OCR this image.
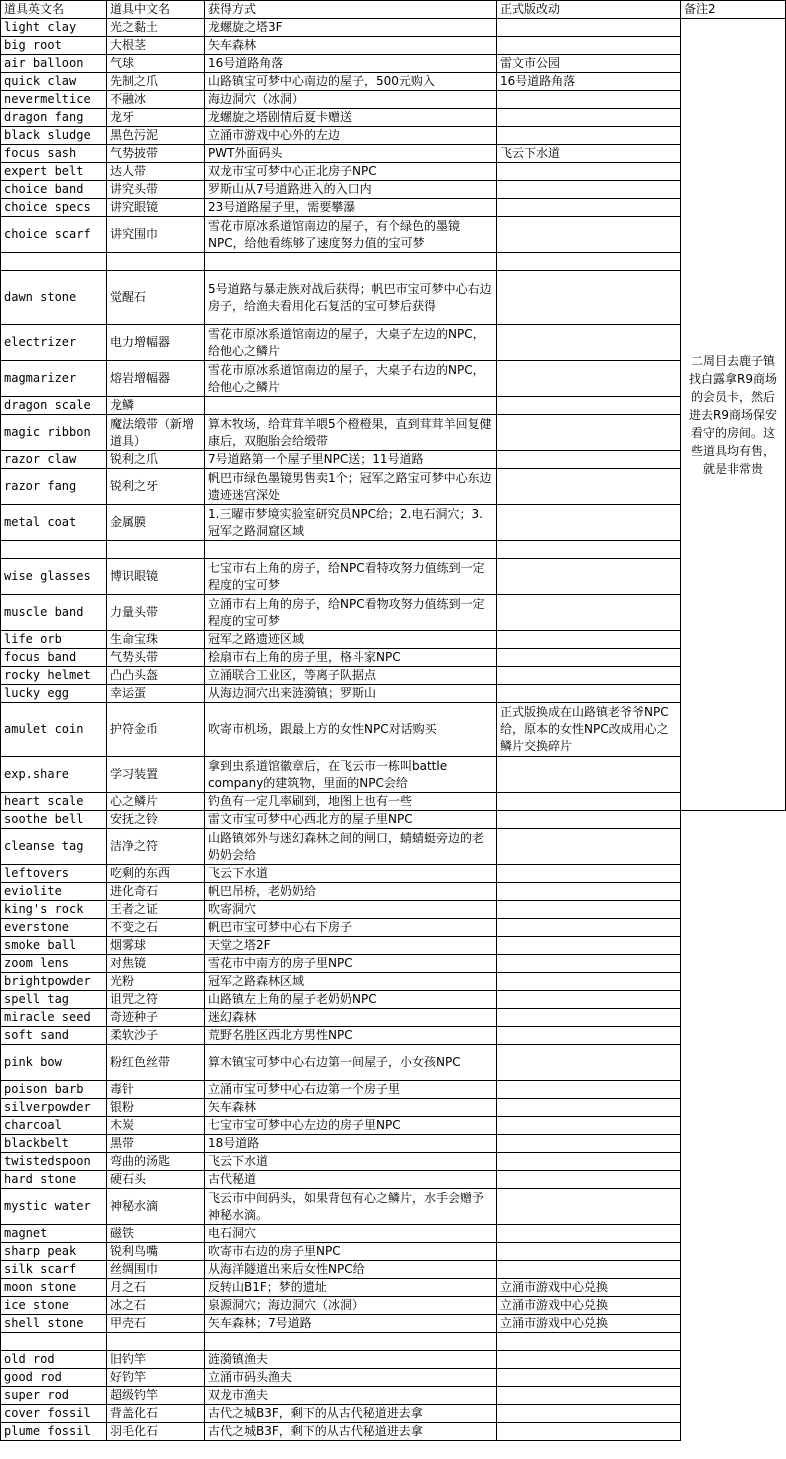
道具英文名	道具中文名	获得方式	正式版改动	备注2
light clay	光之黏土	龙螺旋之塔3F		二周目去鹿子镇找白露拿R9商场的会员卡，然后进去R9商场保安看守的房间。这些道具均有售，就是非常贵
big root	大根茎	矢车森林		
air balloon	气球	16号道路角落	雷文市公园	
quick claw	先制之爪	山路镇宝可梦中心南边的屋子，500元购入	16号道路角落	
nevermeltice	不融冰	海边洞穴（冰洞）		
dragon fang	龙牙	龙螺旋之塔剧情后夏卡赠送		
black sludge	黑色污泥	立涌市游戏中心外的左边		
focus sash	气势披带	PWT外面码头	飞云下水道	
expert belt	达人带	双龙市宝可梦中心正北房子NPC		
choice band	讲究头带	罗斯山从7号道路进入的入口内		
choice specs	讲究眼镜	23号道路屋子里，需要攀瀑		
choice scarf	讲究围巾	雪花市原冰系道馆南边的屋子，有个绿色的墨镜NPC，给他看练够了速度努力值的宝可梦		

dawn stone	觉醒石	5号道路与暴走族对战后获得；帆巴市宝可梦中心右边房子，给渔夫看用化石复活的宝可梦后获得		
electrizer	电力增幅器	雪花市原冰系道馆南边的屋子，大桌子左边的NPC，给他心之鳞片		
magmarizer	熔岩增幅器	雪花市原冰系道馆南边的屋子，大桌子右边的NPC，给他心之鳞片		
dragon scale	龙鳞			
magic ribbon	魔法缎带（新增道具）	算木牧场，给茸茸羊喂5个橙橙果，直到茸茸羊回复健康后，双胞胎会给缎带		
razor claw	锐利之爪	7号道路第一个屋子里NPC送；11号道路		
razor fang	锐利之牙	帆巴市绿色墨镜男售卖1个；冠军之路宝可梦中心东边遗迹迷宫深处		
metal coat	金属膜	1.三曜市梦境实验室研究员NPC给；2.电石洞穴；3.冠军之路洞窟区域		

wise glasses	博识眼镜	七宝市右上角的房子，给NPC看特攻努力值练到一定程度的宝可梦		
muscle band	力量头带	立涌市右上角的房子，给NPC看物攻努力值练到一定程度的宝可梦		
life orb	生命宝珠	冠军之路遗迹区域		
focus band	气势头带	桧扇市右上角的房子里，格斗家NPC		
rocky helmet	凸凸头盔	立涌联合工业区，等离子队据点		
lucky egg	幸运蛋	从海边洞穴出来涟漪镇；罗斯山		
amulet coin	护符金币	吹寄市机场，跟最上方的女性NPC对话购买	正式版换成在山路镇老爷爷NPC给，原本的女性NPC改成用心之鳞片交换碎片	
exp.share	学习装置	拿到虫系道馆徽章后，在飞云市一栋叫battle company的建筑物，里面的NPC会给		
heart scale	心之鳞片	钓鱼有一定几率刷到，地图上也有一些		
soothe bell	安抚之铃	雷文市宝可梦中心西北方的屋子里NPC		
cleanse tag	洁净之符	山路镇郊外与迷幻森林之间的闸口，蜻蜻蜓旁边的老奶奶会给		
leftovers	吃剩的东西	飞云下水道		
eviolite	进化奇石	帆巴吊桥，老奶奶给		
king's rock	王者之证	吹寄洞穴		
everstone	不变之石	帆巴市宝可梦中心右下房子		
smoke ball	烟雾球	天堂之塔2F		
zoom lens	对焦镜	雪花市中南方的房子里NPC		
brightpowder	光粉	冠军之路森林区域		
spell tag	诅咒之符	山路镇左上角的屋子老奶奶NPC		
miracle seed	奇迹种子	迷幻森林		
soft sand	柔软沙子	荒野名胜区西北方男性NPC		
pink bow	粉红色丝带	算木镇宝可梦中心右边第一间屋子，小女孩NPC		
poison barb	毒针	立涌市宝可梦中心右边第一个房子里		
silverpowder	银粉	矢车森林		
charcoal	木炭	七宝市宝可梦中心左边的房子里NPC		
blackbelt	黑带	18号道路		
twistedspoon	弯曲的汤匙	飞云下水道		
hard stone	硬石头	古代秘道		
mystic water	神秘水滴	飞云市中间码头，如果背包有心之鳞片，水手会赠予神秘水滴。		
magnet	磁铁	电石洞穴		
sharp peak	锐利鸟嘴	吹寄市右边的房子里NPC		
silk scarf	丝绸围巾	从海洋隧道出来后女性NPC给		
moon stone	月之石	反转山B1F；梦的遗址	立涌市游戏中心兑换	
ice stone	冰之石	泉源洞穴；海边洞穴（冰洞）	立涌市游戏中心兑换	
shell stone	甲壳石	矢车森林；7号道路	立涌市游戏中心兑换	

old rod	旧钓竿	涟漪镇渔夫		
good rod	好钓竿	立涌市码头渔夫		
super rod	超级钓竿	双龙市渔夫		
cover fossil	背盖化石	古代之城B3F，剩下的从古代秘道进去拿		
plume fossil	羽毛化石	古代之城B3F，剩下的从古代秘道进去拿		
